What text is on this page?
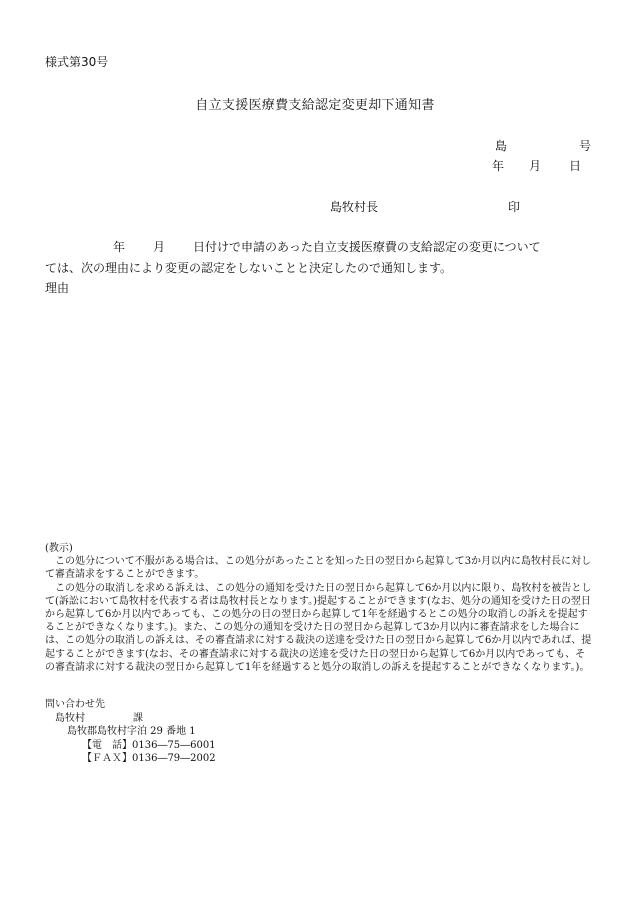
様式第30号
自立支援医療費支給認定変更却下通知書
島	号
年 月 日
島牧村長	印
年 月 日付けで申請のあった自立支援医療費の支給認定の変更について
ては、次の理由により変更の認定をしないことと決定したので通知します。
理由

(教示)

この処分について不服がある場合は、この処分があったことを知った日の翌日から起算して3か月以内に島牧村長に対して審査請求をすることができます。

この処分の取消しを求める訴えは、この処分の通知を受けた日の翌日から起算して6か月以内に限り、島牧村を被告として(訴訟において島牧村を代表する者は島牧村長となります。)提起することができます(なお、処分の通知を受けた日の翌日から起算して6か月以内であっても、この処分の日の翌日から起算して1年を経過するとこの処分の取消しの訴えを提起することができなくなります。)。また、この処分の通知を受けた日の翌日から起算して3か月以内に審査請求をした場合には、この処分の取消しの訴えは、その審査請求に対する裁決の送達を受けた日の翌日から起算して6か月以内であれば、提起することができます(なお、その審査請求に対する裁決の送達を受けた日の翌日から起算して6か月以内であっても、その審査請求に対する裁決の翌日から起算して1年を経過すると処分の取消しの訴えを提起することができなくなります。)。

問い合わせ先
島牧村	課
島牧郡島牧村字泊 29 番地 1
【電　話】0136―75―6001
【ＦＡＸ】0136―79―2002
